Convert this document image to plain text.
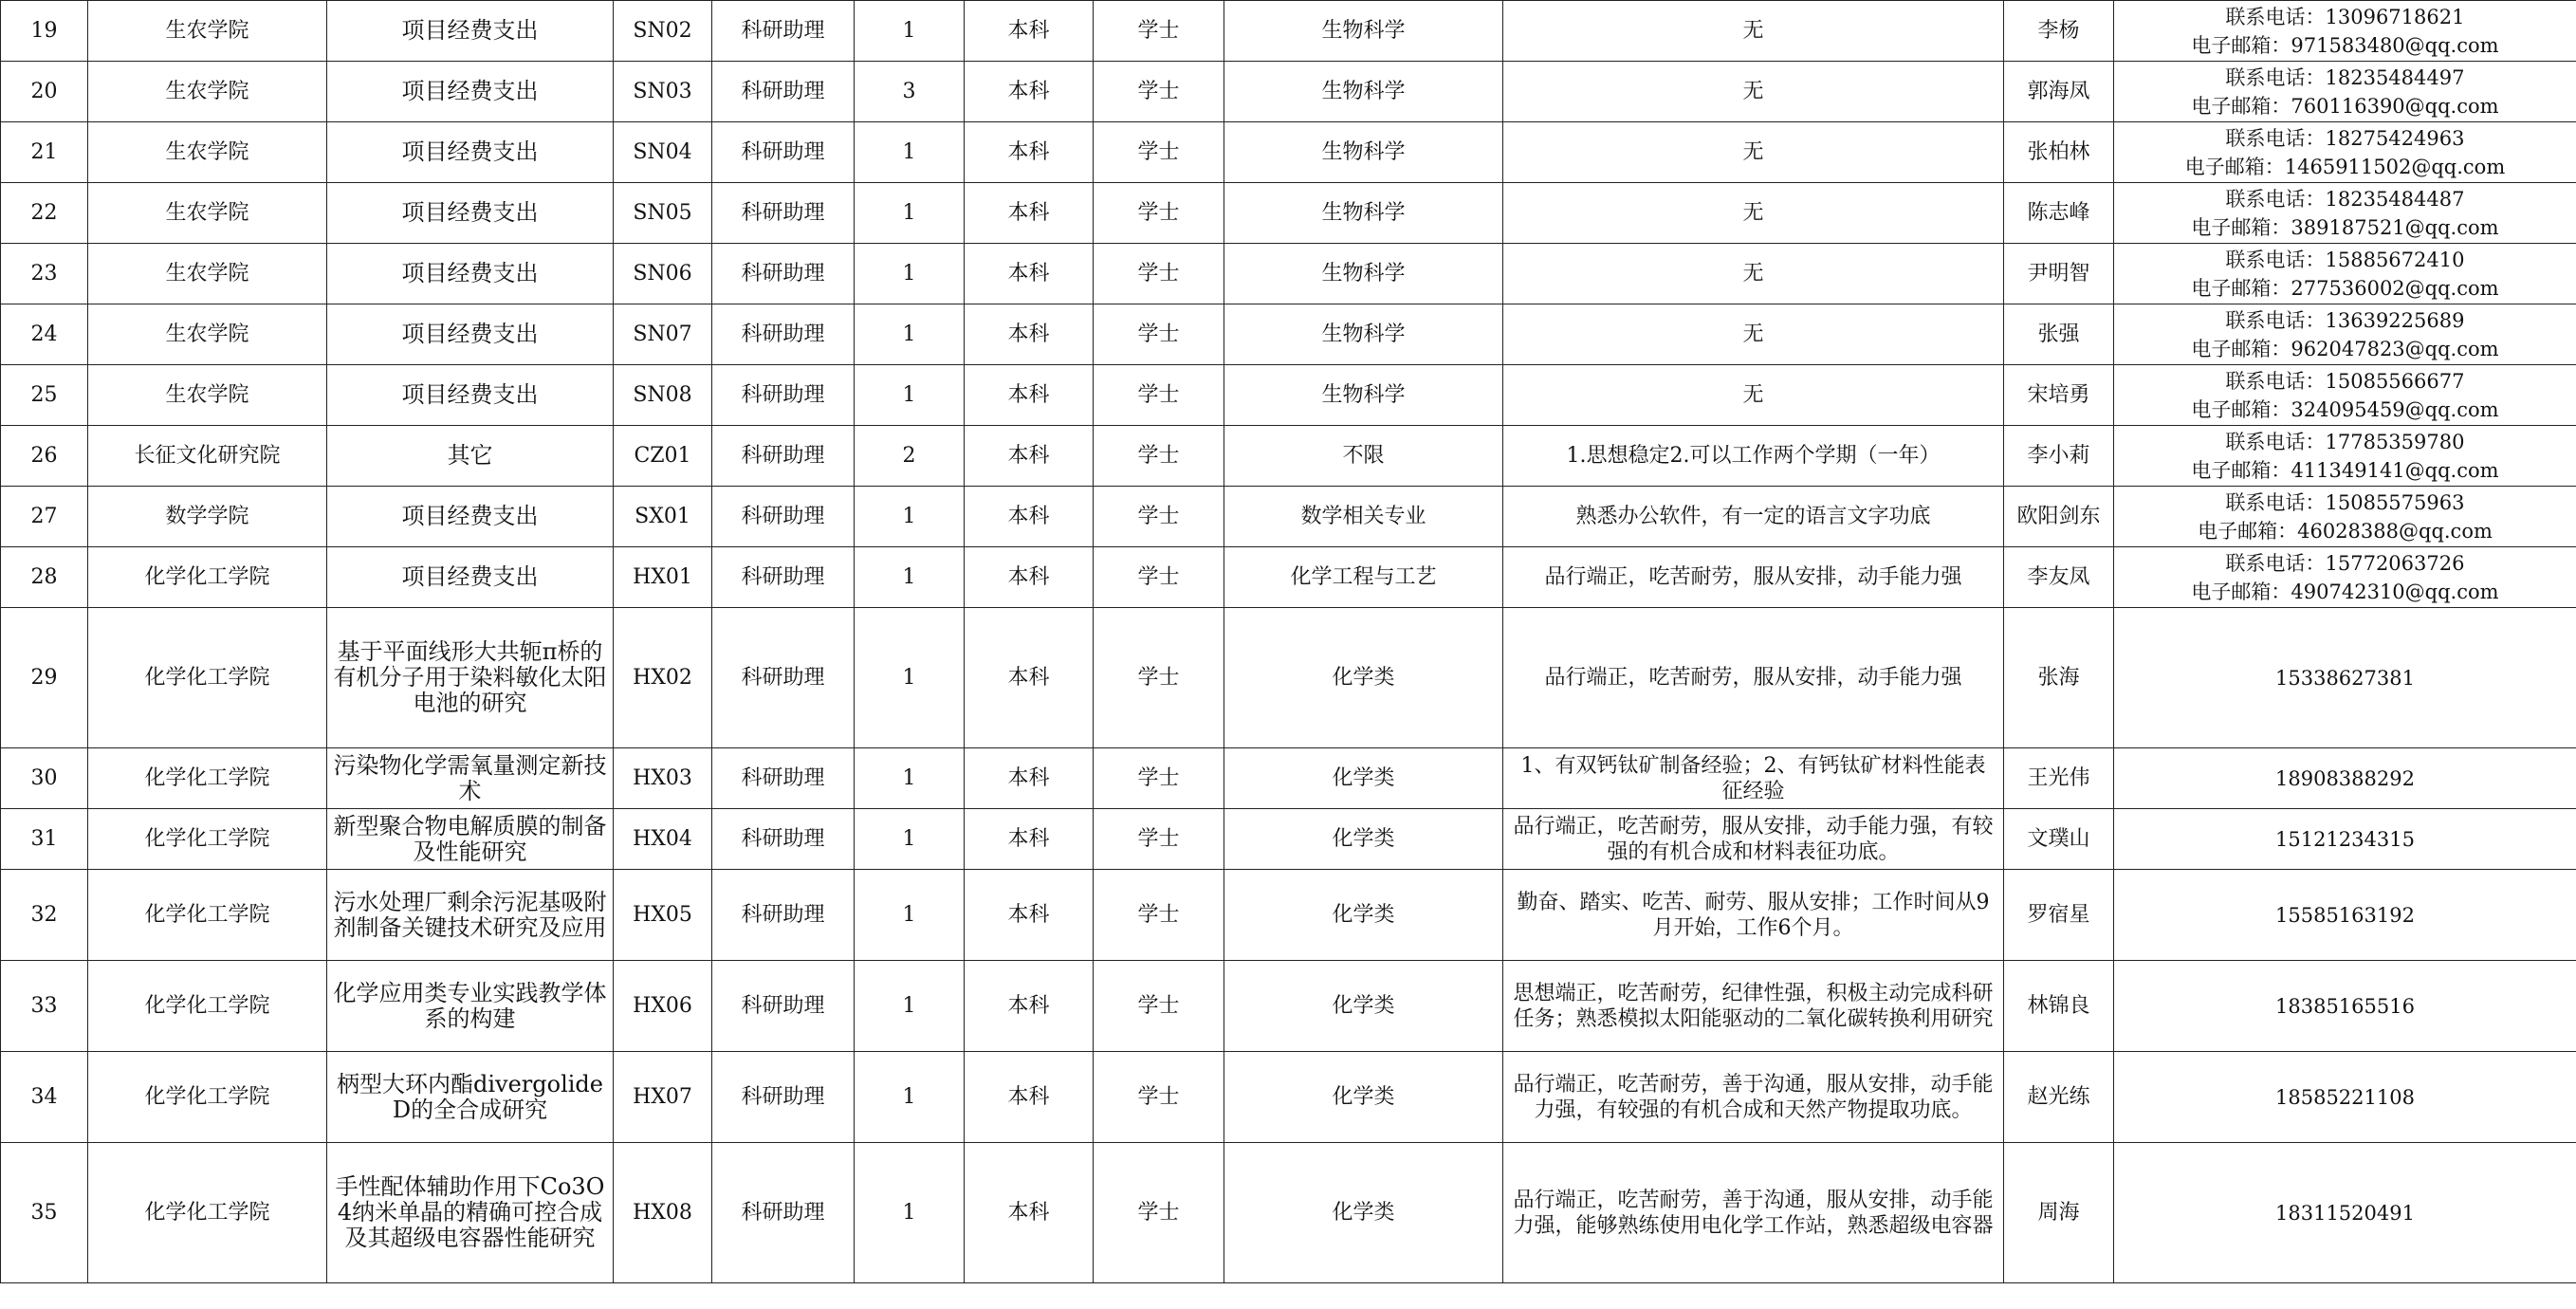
19	生农学院	项目经费支出	SN02	科研助理	1	本科	学士	生物科学	无	李杨	联系电话：13096718621
电子邮箱：971583480@qq.com

20	生农学院	项目经费支出	SN03	科研助理	3	本科	学士	生物科学	无	郭海凤	联系电话：18235484497
电子邮箱：760116390@qq.com

21	生农学院	项目经费支出	SN04	科研助理	1	本科	学士	生物科学	无	张柏林	联系电话：18275424963
电子邮箱：1465911502@qq.com

22	生农学院	项目经费支出	SN05	科研助理	1	本科	学士	生物科学	无	陈志峰	联系电话：18235484487
电子邮箱：389187521@qq.com

23	生农学院	项目经费支出	SN06	科研助理	1	本科	学士	生物科学	无	尹明智	联系电话：15885672410
电子邮箱：277536002@qq.com

24	生农学院	项目经费支出	SN07	科研助理	1	本科	学士	生物科学	无	张强	联系电话：13639225689
电子邮箱：962047823@qq.com

25	生农学院	项目经费支出	SN08	科研助理	1	本科	学士	生物科学	无	宋培勇	联系电话：15085566677
电子邮箱：324095459@qq.com

26	长征文化研究院	其它	CZ01	科研助理	2	本科	学士	不限	1.思想稳定2.可以工作两个学期（一年）	李小莉	联系电话：17785359780
电子邮箱：411349141@qq.com

27	数学学院	项目经费支出	SX01	科研助理	1	本科	学士	数学相关专业	熟悉办公软件，有一定的语言文字功底	欧阳剑东	联系电话：15085575963
电子邮箱：46028388@qq.com

28	化学化工学院	项目经费支出	HX01	科研助理	1	本科	学士	化学工程与工艺	品行端正，吃苦耐劳，服从安排，动手能力强	李友凤	联系电话：15772063726
电子邮箱：490742310@qq.com

29	化学化工学院	基于平面线形大共轭π桥的有机分子用于染料敏化太阳电池的研究	HX02	科研助理	1	本科	学士	化学类	品行端正，吃苦耐劳，服从安排，动手能力强	张海	15338627381

30	化学化工学院	污染物化学需氧量测定新技术	HX03	科研助理	1	本科	学士	化学类	1、有双钙钛矿制备经验；2、有钙钛矿材料性能表征经验	王光伟	18908388292

31	化学化工学院	新型聚合物电解质膜的制备及性能研究	HX04	科研助理	1	本科	学士	化学类	品行端正，吃苦耐劳，服从安排，动手能力强，有较强的有机合成和材料表征功底。	文璞山	15121234315

32	化学化工学院	污水处理厂剩余污泥基吸附剂制备关键技术研究及应用	HX05	科研助理	1	本科	学士	化学类	勤奋、踏实、吃苦、耐劳、服从安排；工作时间从9月开始，工作6个月。	罗宿星	15585163192

33	化学化工学院	化学应用类专业实践教学体系的构建	HX06	科研助理	1	本科	学士	化学类	思想端正，吃苦耐劳，纪律性强，积极主动完成科研任务；熟悉模拟太阳能驱动的二氧化碳转换利用研究	林锦良	18385165516

34	化学化工学院	柄型大环内酯divergolide D的全合成研究	HX07	科研助理	1	本科	学士	化学类	品行端正，吃苦耐劳，善于沟通，服从安排，动手能力强，有较强的有机合成和天然产物提取功底。	赵光练	18585221108

35	化学化工学院	手性配体辅助作用下Co3O4纳米单晶的精确可控合成及其超级电容器性能研究	HX08	科研助理	1	本科	学士	化学类	品行端正，吃苦耐劳，善于沟通，服从安排，动手能力强，能够熟练使用电化学工作站，熟悉超级电容器	周海	18311520491
